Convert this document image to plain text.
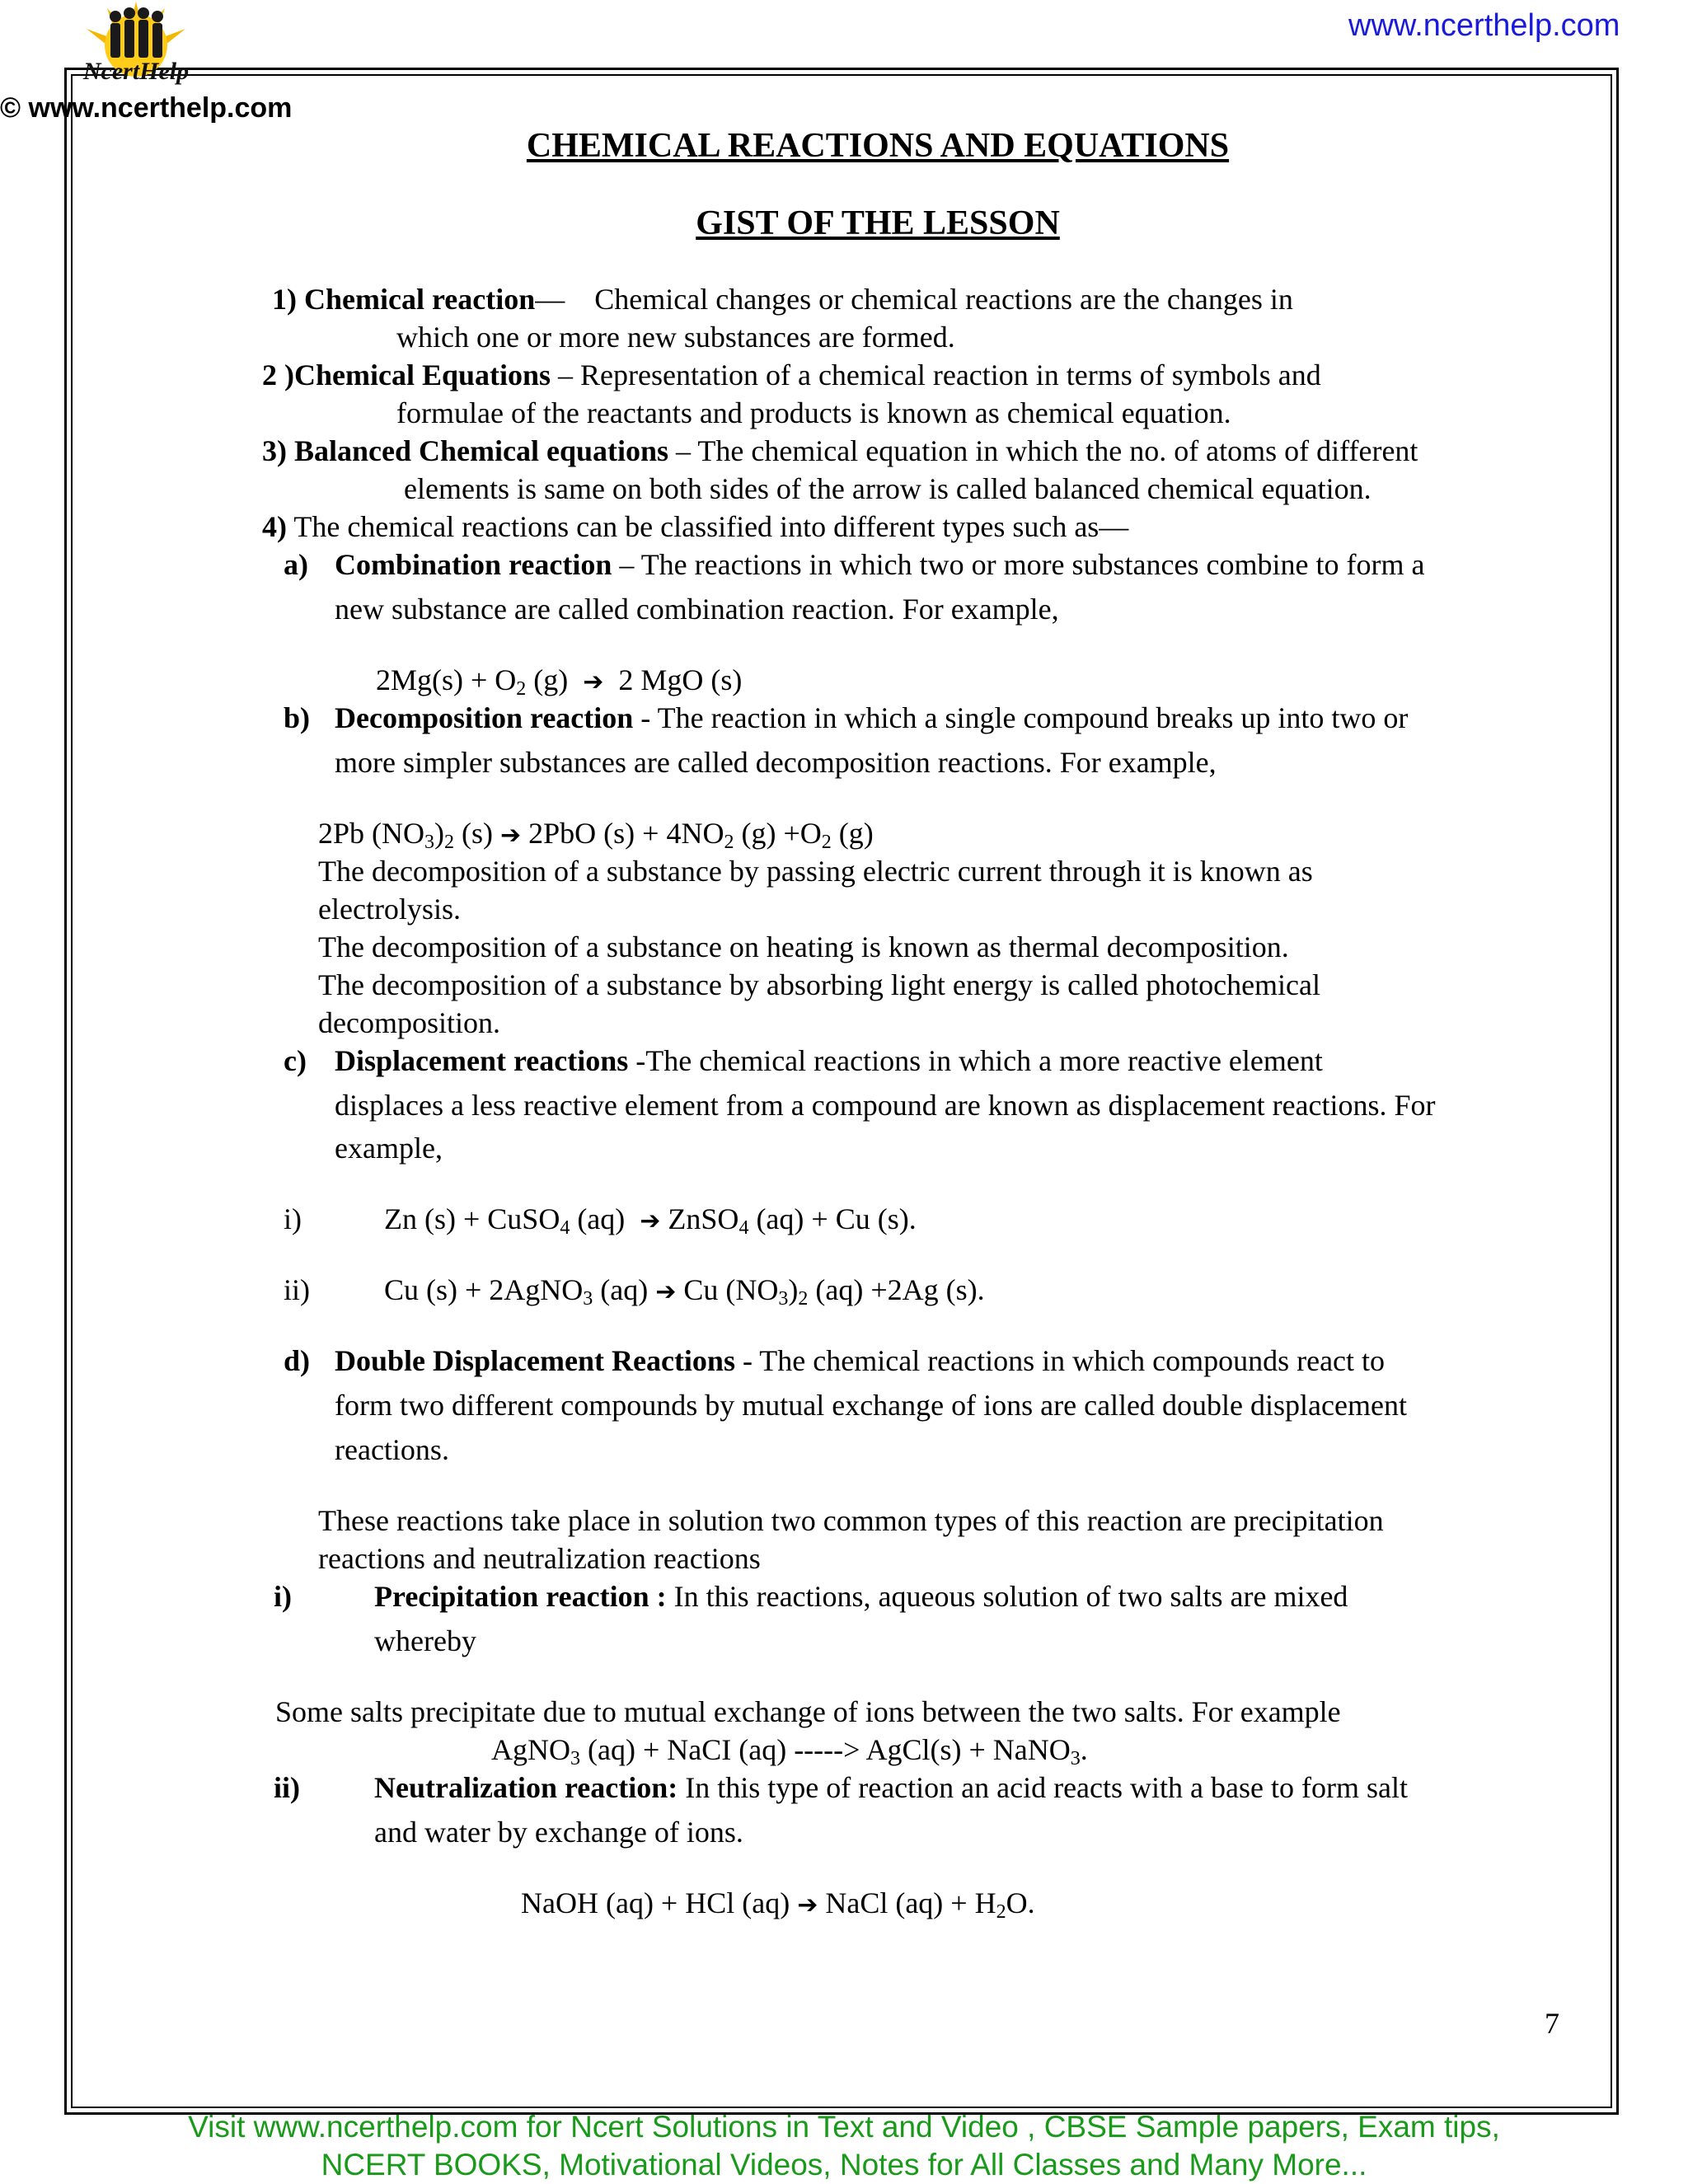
NcertHelp
www.ncerthelp.com
© www.ncerthelp.com
CHEMICAL REACTIONS AND EQUATIONS
GIST OF THE LESSON
1) Chemical reaction—    Chemical changes or chemical reactions are the changes in
which one or more new substances are formed.
2 )Chemical Equations – Representation of a chemical reaction in terms of symbols and
formulae of the reactants and products is known as chemical equation.
3) Balanced Chemical equations – The chemical equation in which the no. of atoms of different
elements is same on both sides of the arrow is called balanced chemical equation.
4) The chemical reactions can be classified into different types such as—
a) Combination reaction – The reactions in which two or more substances combine to form a
new substance are called combination reaction. For example,
$2Mg(s) + O_2$ (g)  ➔  2 MgO (s)
b) Decomposition reaction - The reaction in which a single compound breaks up into two or
more simpler substances are called decomposition reactions. For example,
2Pb $(NO_3)_2$ (s) ➔ 2PbO $(s) + 4NO_2$ $(g) +O_2$ (g)
The decomposition of a substance by passing electric current through it is known as
electrolysis.
The decomposition of a substance on heating is known as thermal decomposition.
The decomposition of a substance by absorbing light energy is called photochemical
decomposition.
c) Displacement reactions -The chemical reactions in which a more reactive element
displaces a less reactive element from a compound are known as displacement reactions. For
example,
i)	Zn (s) + CuSO$_4$ (aq)  ➔ ZnSO$_4$ (aq) + Cu (s).
ii)	Cu (s) + 2AgNO$_3$ (aq) ➔ Cu $(NO_3)_2$ (aq) +2Ag (s).
d) Double Displacement Reactions - The chemical reactions in which compounds react to
form two different compounds by mutual exchange of ions are called double displacement
reactions.
These reactions take place in solution two common types of this reaction are precipitation
reactions and neutralization reactions
i)	Precipitation reaction : In this reactions, aqueous solution of two salts are mixed
whereby
Some salts precipitate due to mutual exchange of ions between the two salts. For example
AgNO$_3$ (aq) + NaCI (aq) -----> AgCl(s) + NaNO$_3$.
ii)	Neutralization reaction: In this type of reaction an acid reacts with a base to form salt
and water by exchange of ions.
NaOH (aq) + HCl (aq) ➔ NaCl $(aq) + H_2O$.
7
Visit www.ncerthelp.com for Ncert Solutions in Text and Video , CBSE Sample papers, Exam tips,
NCERT BOOKS, Motivational Videos, Notes for All Classes and Many More...
